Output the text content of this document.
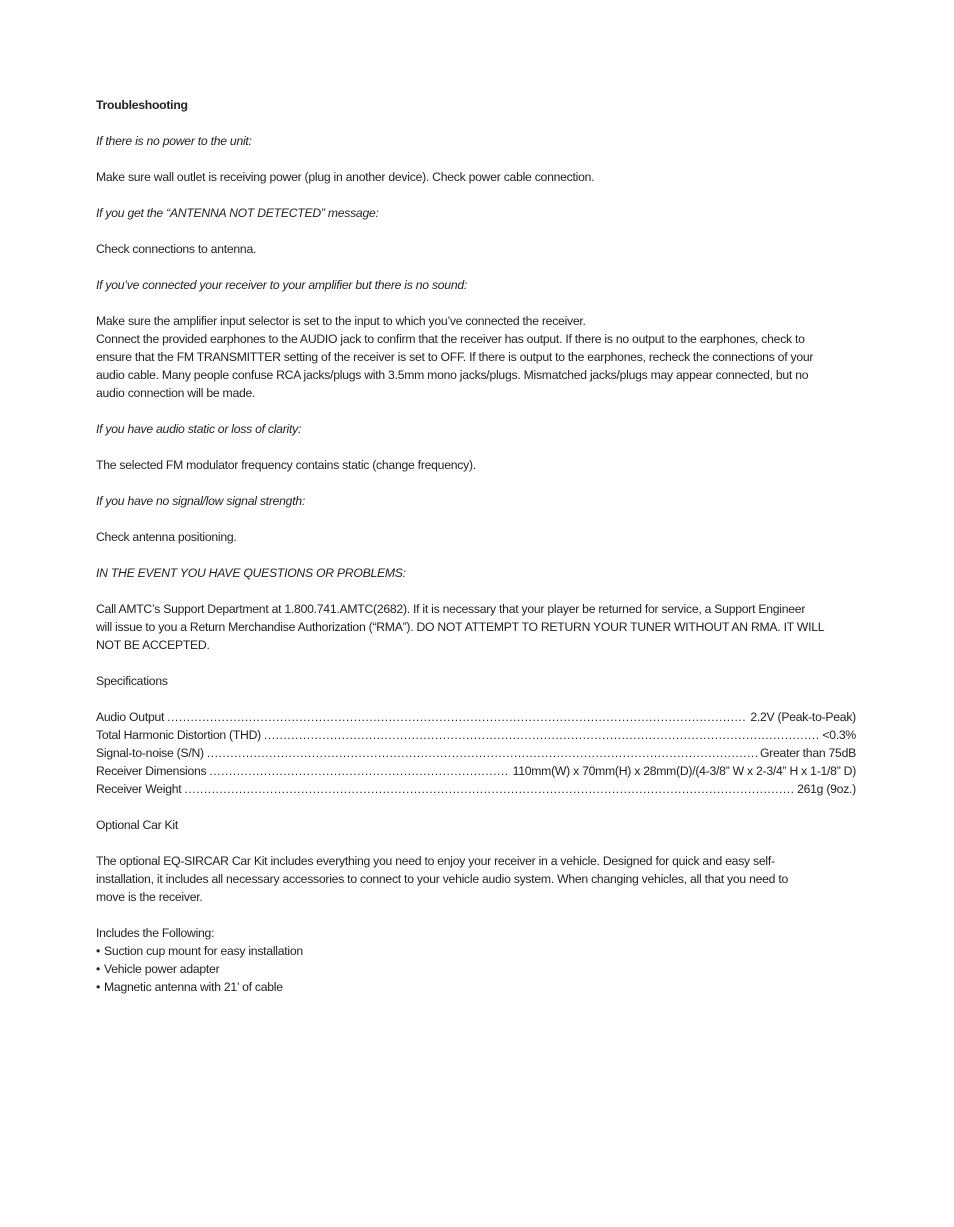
Troubleshooting
If there is no power to the unit:
Make sure wall outlet is receiving power (plug in another device). Check power cable connection.
If you get the “ANTENNA NOT DETECTED” message:
Check connections to antenna.
If you’ve connected your receiver to your amplifier but there is no sound:
Make sure the amplifier input selector is set to the input to which you’ve connected the receiver.
Connect the provided earphones to the AUDIO jack to confirm that the receiver has output. If there is no output to the earphones, check to
ensure that the FM TRANSMITTER setting of the receiver is set to OFF. If there is output to the earphones, recheck the connections of your
audio cable. Many people confuse RCA jacks/plugs with 3.5mm mono jacks/plugs. Mismatched jacks/plugs may appear connected, but no
audio connection will be made.
If you have audio static or loss of clarity:
The selected FM modulator frequency contains static (change frequency).
If you have no signal/low signal strength:
Check antenna positioning.
IN THE EVENT YOU HAVE QUESTIONS OR PROBLEMS:
Call AMTC’s Support Department at 1.800.741.AMTC(2682). If it is necessary that your player be returned for service, a Support Engineer
will issue to you a Return Merchandise Authorization (“RMA”). DO NOT ATTEMPT TO RETURN YOUR TUNER WITHOUT AN RMA. IT WILL
NOT BE ACCEPTED.
Specifications
Audio Output .....	2.2V (Peak-to-Peak)
Total Harmonic Distortion (THD) .....	<0.3%
Signal-to-noise (S/N) .....	Greater than 75dB
Receiver Dimensions .....	110mm(W) x 70mm(H) x 28mm(D)/(4-3/8” W x 2-3/4” H x 1-1/8” D)
Receiver Weight .....	261g (9oz.)
Optional Car Kit
The optional EQ-SIRCAR Car Kit includes everything you need to enjoy your receiver in a vehicle. Designed for quick and easy self-
installation, it includes all necessary accessories to connect to your vehicle audio system. When changing vehicles, all that you need to
move is the receiver.
Includes the Following:
• Suction cup mount for easy installation
• Vehicle power adapter
• Magnetic antenna with 21’ of cable
